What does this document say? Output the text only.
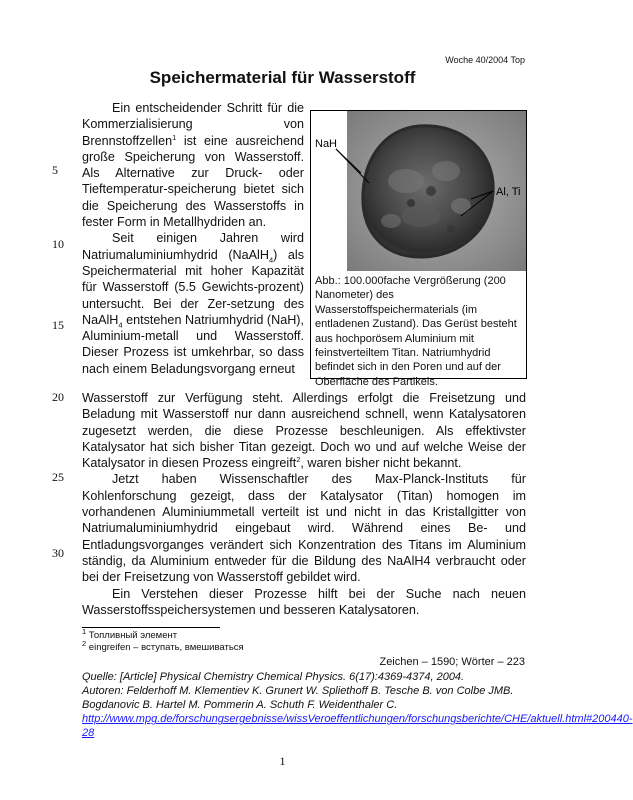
Woche 40/2004 Top
Speichermaterial für Wasserstoff

Ein entscheidender Schritt für die Kommerzialisierung von Brennstoffzellen$^1$ ist eine ausreichend große Speicherung von Wasserstoff. Als Alternative zur Druck- oder Tieftemperatur-speicherung bietet sich die Speicherung des Wasserstoffs in fester Form in Metallhydriden an.

Seit einigen Jahren wird Natriumaluminiumhydrid (NaAlH$_4$) als Speichermaterial mit hoher Kapazität für Wasserstoff (5.5 Gewichts-prozent) untersucht. Bei der Zer-setzung des NaAlH$_4$ entstehen Natriumhydrid (NaH), Aluminium-metall und Wasserstoff. Dieser Prozess ist umkehrbar, so dass nach einem Beladungsvorgang erneut

Wasserstoff zur Verfügung steht. Allerdings erfolgt die Freisetzung und Beladung mit Wasserstoff nur dann ausreichend schnell, wenn Katalysatoren zugesetzt werden, die diese Prozesse beschleunigen. Als effektivster Katalysator hat sich bisher Titan gezeigt. Doch wo und auf welche Weise der Katalysator in diesen Prozess eingreift$^2$, waren bisher nicht bekannt.

Jetzt haben Wissenschaftler des Max-Planck-Instituts für Kohlenforschung gezeigt, dass der Katalysator (Titan) homogen im vorhandenen Aluminiummetall verteilt ist und nicht in das Kristallgitter von Natriumaluminiumhydrid eingebaut wird. Während eines Be- und Entladungsvorganges verändert sich Konzentration des Titans im Aluminium ständig, da Aluminium entweder für die Bildung des NaAlH4 verbraucht oder bei der Freisetzung von Wasserstoff gebildet wird.

Ein Verstehen dieser Prozesse hilft bei der Suche nach neuen Wasserstoffsspeichersystemen und besseren Katalysatoren.

5
10
15
20
25
30
NaH
Al, Ti
Abb.: 100.000fache Vergrößerung (200 Nanometer) des Wasserstoffspeichermaterials (im entladenen Zustand). Das Gerüst besteht aus hochporösem Aluminium mit feinstverteiltem Titan. Natriumhydrid befindet sich in den Poren und auf der Oberfläche des Partikels.
$^1$ Топливный элемент
$^2$ eingreifen – вступать, вмешиваться
Zeichen – 1590; Wörter – 223
Quelle: [Article] Physical Chemistry Chemical Physics. 6(17):4369-4374, 2004.
Autoren: Felderhoff M. Klementiev K. Grunert W. Spliethoff B. Tesche B. von Colbe JMB. Bogdanovic B. Hartel M. Pommerin A. Schuth F. Weidenthaler C.
http://www.mpg.de/forschungsergebnisse/wissVeroeffentlichungen/forschungsberichte/CHE/aktuell.html#200440-28
1
